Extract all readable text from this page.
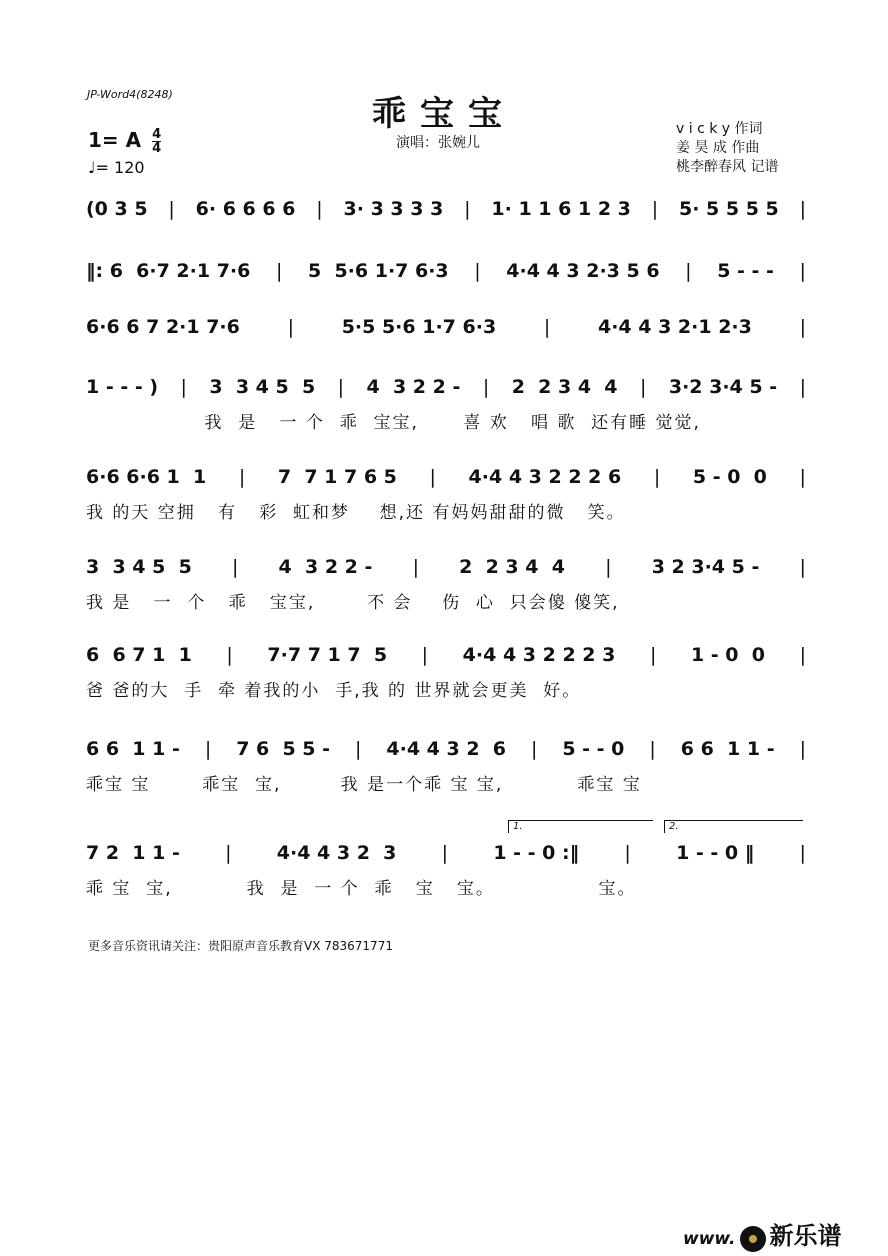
JP-Word4(8248)	乖宝宝
演唱：张婉儿
1= A $\frac{4}{4}$
♩= 120
v i c k y 作词
姜 昊 成 作曲
桃李醉春风 记谱
(0 3 5 | 6· 6 6 6 6 | 3· 3 3 3 3 | 1· 1 1 6 1 2 3 | 5· 5 5 5 5 |
‖: 6  6·7 2·1 7·6 | 5  5·6 1·7 6·3 | 4·4 4 3 2·3 5 6 | 5 - - - |
6·6 6 7 2·1 7·6	|	5·5 5·6 1·7 6·3	|	4·4 4 3 2·1 2·3	|
1 - - - ) | 3  3 4 5  5 | 4  3 2 2 - | 2  2 3 4  4 | 3·2 3·4 5 - |
我  是   一 个  乖  宝宝,      喜 欢   唱 歌  还有睡 觉觉,
6·6 6·6 1  1 | 7  7 1 7 6 5 | 4·4 4 3 2 2 2 6 | 5 - 0  0 |
我 的天 空拥   有   彩  虹和梦    想,还 有妈妈甜甜的微   笑。
3  3 4 5  5 | 4  3 2 2 - | 2  2 3 4  4 | 3 2 3·4 5 - |
我 是   一  个   乖   宝宝,       不 会    伤  心  只会傻 傻笑,
6  6 7 1  1 | 7·7 7 1 7  5 | 4·4 4 3 2 2 2 3 | 1 - 0  0 |
爸 爸的大  手  牵 着我的小  手,我 的 世界就会更美  好。
6 6  1 1 - | 7 6  5 5 - | 4·4 4 3 2  6 | 5 - - 0 | 6 6  1 1 - |
乖宝 宝       乖宝  宝,        我 是一个乖 宝 宝,          乖宝 宝
7 2  1 1 - | 4·4 4 3 2  3 | 1 - - 0 :‖ | 1 - - 0 ‖ |
乖 宝  宝,          我  是  一 个  乖   宝   宝。              宝。
1.	2.
更多音乐资讯请关注：贵阳原声音乐教育VX 783671771
www. 新乐谱
